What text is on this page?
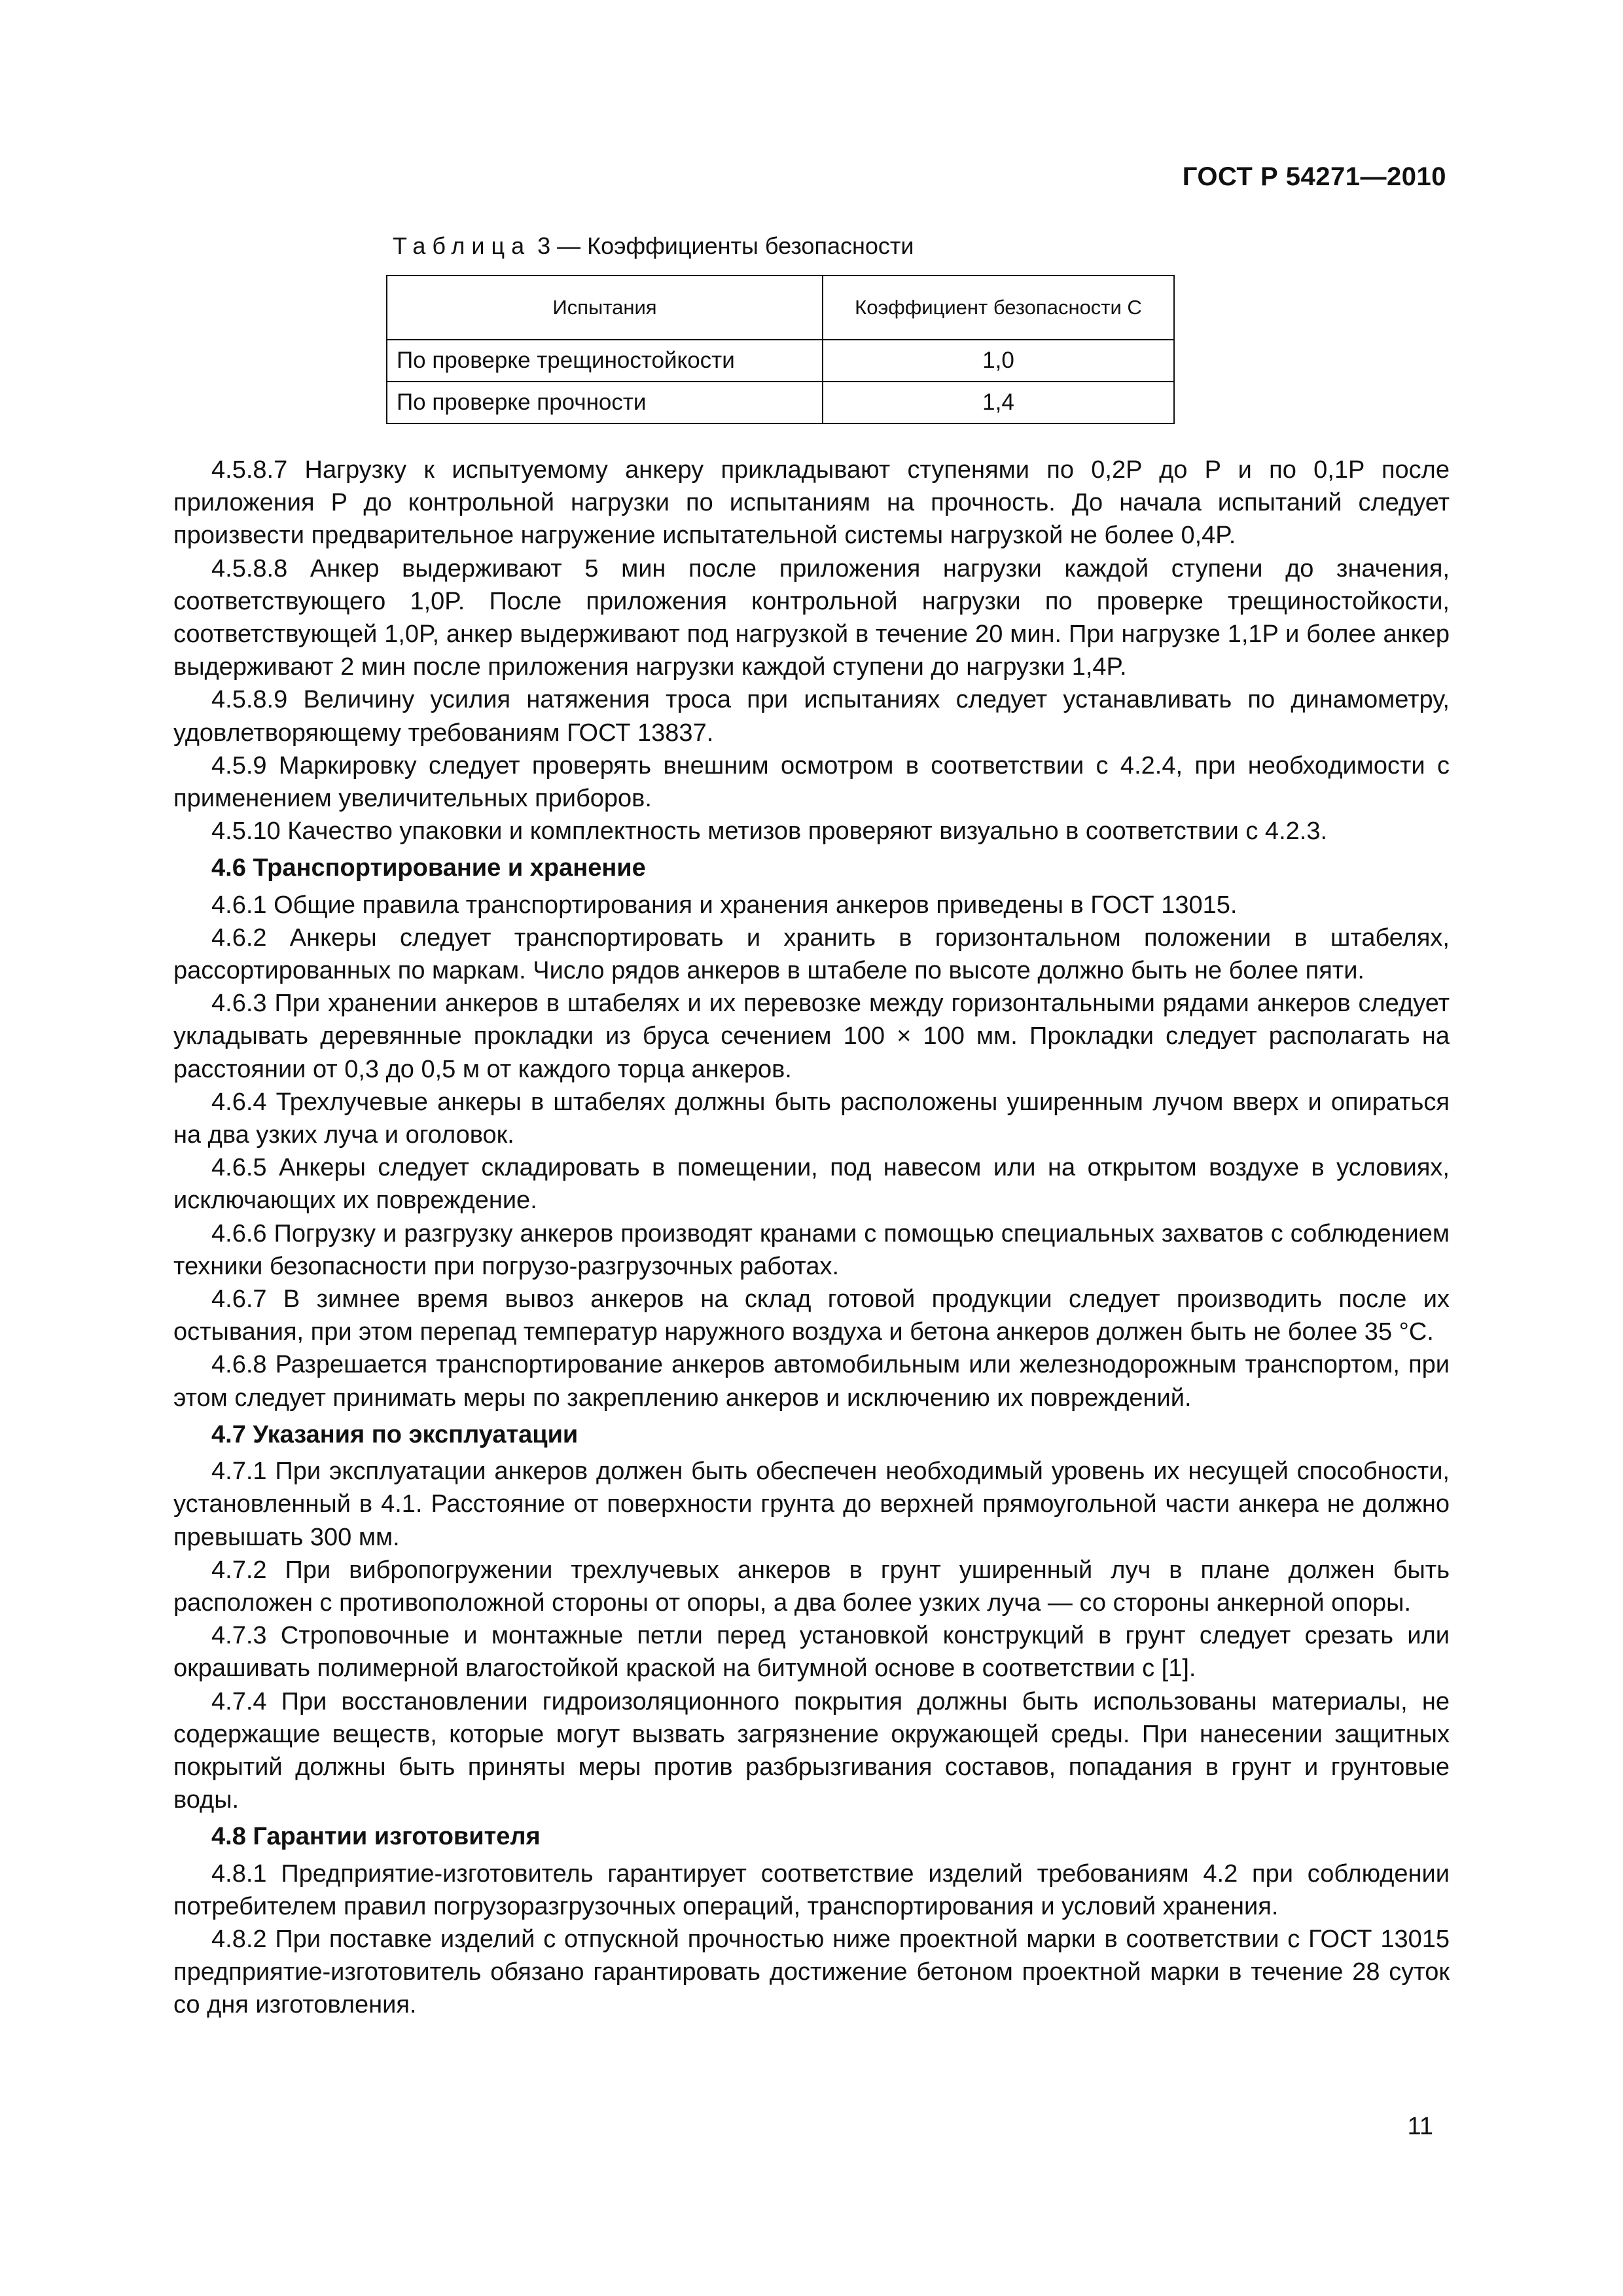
ГОСТ Р 54271—2010
Таблица 3 — Коэффициенты безопасности
Испытания	Коэффициент безопасности C
По проверке трещиностойкости	1,0
По проверке прочности	1,4

4.5.8.7 Нагрузку к испытуемому анкеру прикладывают ступенями по 0,2P до P и по 0,1P после приложения P до контрольной нагрузки по испытаниям на прочность. До начала испытаний следует произвести предварительное нагружение испытательной системы нагрузкой не более 0,4P.

4.5.8.8 Анкер выдерживают 5 мин после приложения нагрузки каждой ступени до значения, соответствующего 1,0P. После приложения контрольной нагрузки по проверке трещиностойкости, соответствующей 1,0P, анкер выдерживают под нагрузкой в течение 20 мин. При нагрузке 1,1P и более анкер выдерживают 2 мин после приложения нагрузки каждой ступени до нагрузки 1,4P.

4.5.8.9 Величину усилия натяжения троса при испытаниях следует устанавливать по динамометру, удовлетворяющему требованиям ГОСТ 13837.

4.5.9 Маркировку следует проверять внешним осмотром в соответствии с 4.2.4, при необходимости с применением увеличительных приборов.

4.5.10 Качество упаковки и комплектность метизов проверяют визуально в соответствии с 4.2.3.

4.6 Транспортирование и хранение

4.6.1 Общие правила транспортирования и хранения анкеров приведены в ГОСТ 13015.

4.6.2 Анкеры следует транспортировать и хранить в горизонтальном положении в штабелях, рассортированных по маркам. Число рядов анкеров в штабеле по высоте должно быть не более пяти.

4.6.3 При хранении анкеров в штабелях и их перевозке между горизонтальными рядами анкеров следует укладывать деревянные прокладки из бруса сечением 100 × 100 мм. Прокладки следует располагать на расстоянии от 0,3 до 0,5 м от каждого торца анкеров.

4.6.4 Трехлучевые анкеры в штабелях должны быть расположены уширенным лучом вверх и опираться на два узких луча и оголовок.

4.6.5 Анкеры следует складировать в помещении, под навесом или на открытом воздухе в условиях, исключающих их повреждение.

4.6.6 Погрузку и разгрузку анкеров производят кранами с помощью специальных захватов с соблюдением техники безопасности при погрузо-разгрузочных работах.

4.6.7 В зимнее время вывоз анкеров на склад готовой продукции следует производить после их остывания, при этом перепад температур наружного воздуха и бетона анкеров должен быть не более 35 °C.

4.6.8 Разрешается транспортирование анкеров автомобильным или железнодорожным транспортом, при этом следует принимать меры по закреплению анкеров и исключению их повреждений.

4.7 Указания по эксплуатации

4.7.1 При эксплуатации анкеров должен быть обеспечен необходимый уровень их несущей способности, установленный в 4.1. Расстояние от поверхности грунта до верхней прямоугольной части анкера не должно превышать 300 мм.

4.7.2 При вибропогружении трехлучевых анкеров в грунт уширенный луч в плане должен быть расположен с противоположной стороны от опоры, а два более узких луча — со стороны анкерной опоры.

4.7.3 Строповочные и монтажные петли перед установкой конструкций в грунт следует срезать или окрашивать полимерной влагостойкой краской на битумной основе в соответствии с [1].

4.7.4 При восстановлении гидроизоляционного покрытия должны быть использованы материалы, не содержащие веществ, которые могут вызвать загрязнение окружающей среды. При нанесении защитных покрытий должны быть приняты меры против разбрызгивания составов, попадания в грунт и грунтовые воды.

4.8 Гарантии изготовителя

4.8.1 Предприятие-изготовитель гарантирует соответствие изделий требованиям 4.2 при соблюдении потребителем правил погрузоразгрузочных операций, транспортирования и условий хранения.

4.8.2 При поставке изделий с отпускной прочностью ниже проектной марки в соответствии с ГОСТ 13015 предприятие-изготовитель обязано гарантировать достижение бетоном проектной марки в течение 28 суток со дня изготовления.

11
